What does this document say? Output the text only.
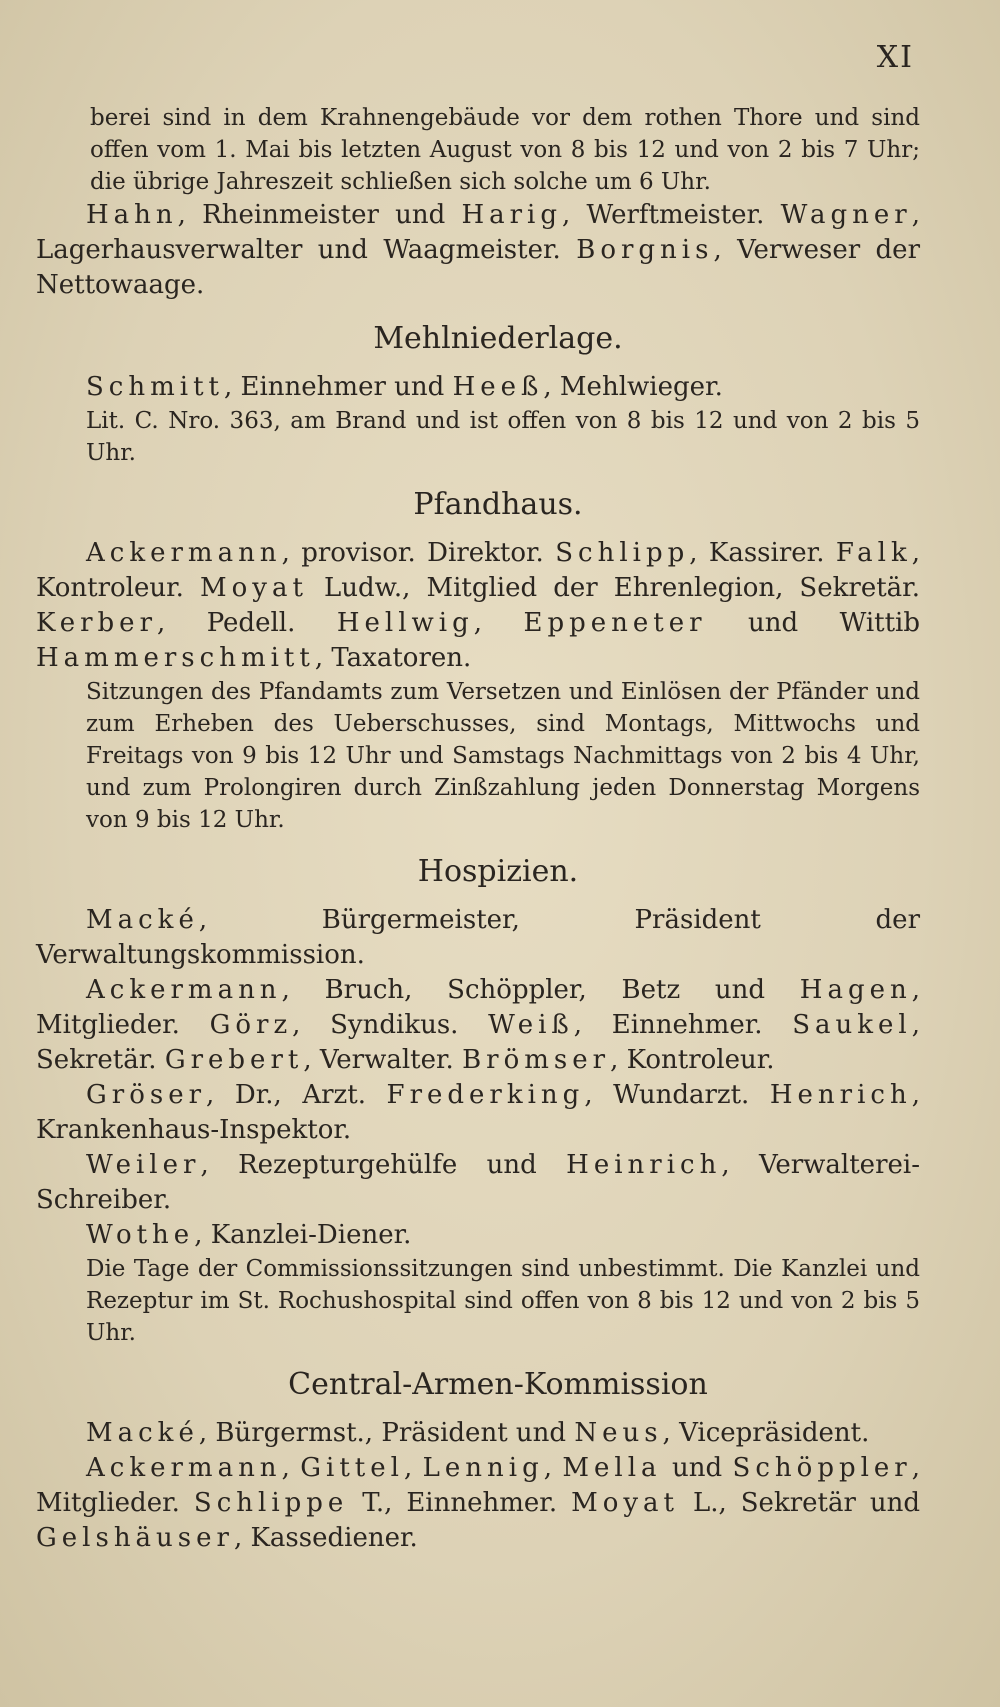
XI

berei sind in dem Krahnengebäude vor dem rothen Thore und sind offen vom 1. Mai bis letzten August von 8 bis 12 und von 2 bis 7 Uhr; die übrige Jahreszeit schließen sich solche um 6 Uhr.

Hahn, Rheinmeister und Harig, Werftmeister. Wagner, Lagerhausverwalter und Waagmeister. Borgnis, Verweser der Nettowaage.

Mehlniederlage.

Schmitt, Einnehmer und Heeß, Mehlwieger.

Lit. C. Nro. 363, am Brand und ist offen von 8 bis 12 und von 2 bis 5 Uhr.

Pfandhaus.

Ackermann, provisor. Direktor. Schlipp, Kassirer. Falk, Kontroleur. Moyat Ludw., Mitglied der Ehrenlegion, Sekretär. Kerber, Pedell. Hellwig, Eppeneter und Wittib Hammerschmitt, Taxatoren.

Sitzungen des Pfandamts zum Versetzen und Einlösen der Pfänder und zum Erheben des Ueberschusses, sind Montags, Mittwochs und Freitags von 9 bis 12 Uhr und Samstags Nachmittags von 2 bis 4 Uhr, und zum Prolongiren durch Zinßzahlung jeden Donnerstag Morgens von 9 bis 12 Uhr.

Hospizien.

Macké, Bürgermeister, Präsident der Verwaltungskommission.

Ackermann, Bruch, Schöppler, Betz und Hagen, Mitglieder. Görz, Syndikus. Weiß, Einnehmer. Saukel, Sekretär. Grebert, Verwalter. Brömser, Kontroleur.

Gröser, Dr., Arzt. Frederking, Wundarzt. Henrich, Krankenhaus-Inspektor.

Weiler, Rezepturgehülfe und Heinrich, Verwalterei-Schreiber.

Wothe, Kanzlei-Diener.

Die Tage der Commissionssitzungen sind unbestimmt. Die Kanzlei und Rezeptur im St. Rochushospital sind offen von 8 bis 12 und von 2 bis 5 Uhr.

Central-Armen-Kommission

Macké, Bürgermst., Präsident und Neus, Vicepräsident.

Ackermann, Gittel, Lennig, Mella und Schöppler, Mitglieder. Schlippe T., Einnehmer. Moyat L., Sekretär und Gelshäuser, Kassediener.
